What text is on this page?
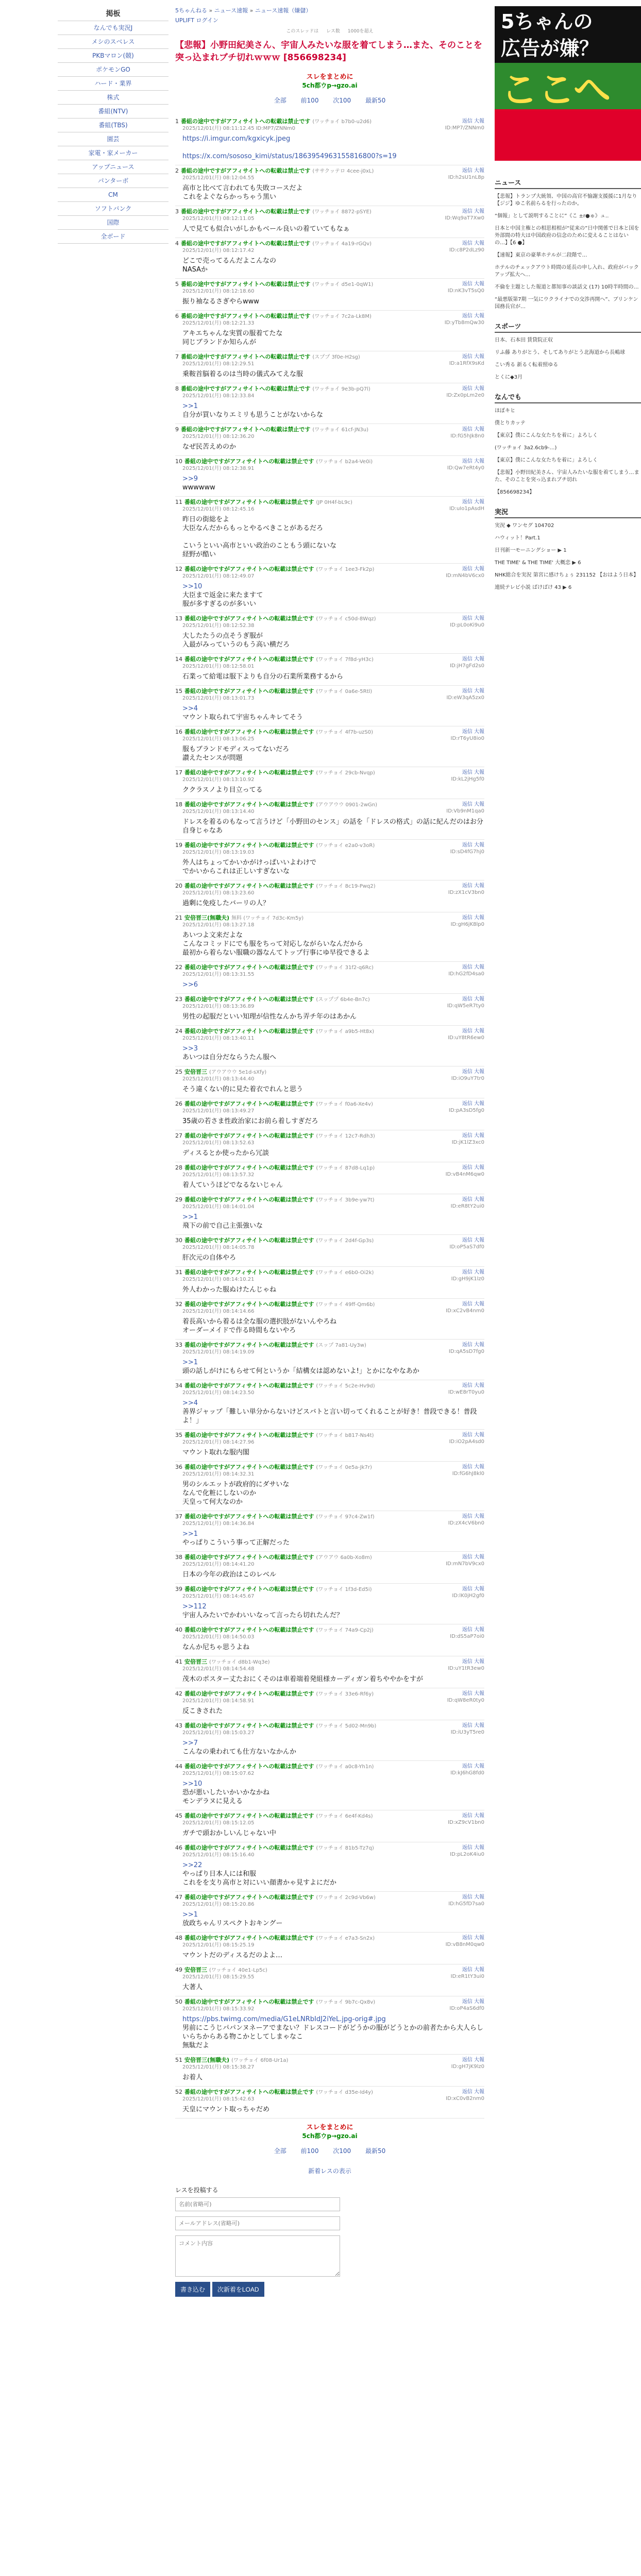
掲板
なんでも実況J
メシのスベレス
PKBマロン(競)
ポケモンGO
ハード・業界
株式
番組(NTV)
番組(TBS)
園芸
家電・家メーカー
アップニュース
パンターボ
CM
ソフトバンク
国際
全ボード
5ちゃんねる » ニュース速報 » ニュース速報（嫌儲）
UPLIFT ログイン
このスレッドは レス数 1000を超え
【悲報】小野田紀美さん、宇宙人みたいな服を着てしまう…また、そのことを突っ込まれブチ切れｗｗｗ [856698234]
スレをまとめに
5ch都ウp→gzo.ai
全部 前100 次100 最新50
1 番組の途中ですがアフィサイトへの転載は禁止です (ワッチョイ b7b0-u2d6)
2025/12/01(月) 08:11:12.45 ID:MP7/ZNNm0
返信 大報
ID:MP7/ZNNm0
https://i.imgur.com/kgxicyk.jpeg
https://x.com/sososo_kimi/status/1863954963155816800?s=19
2 番組の途中ですがアフィサイトへの転載は禁止です (ササクッテロ 4cee-j0xL)
2025/12/01(月) 08:12:04.55
返信 大報
ID:h2sU1nL8p
高市と比べて言われても失敗コースだよ
これをよぐならかっちゃう黒い
3 番組の途中ですがアフィサイトへの転載は禁止です (ワッチョイ 8872-pSYE)
2025/12/01(月) 08:12:11.05
返信 大報
ID:Wq9aT7Xw0
人で見ても似合いがしかもベール良いの着ていてもなぁ
4 番組の途中ですがアフィサイトへの転載は禁止です (ワッチョイ 4a19-rGQv)
2025/12/01(月) 08:12:17.42
返信 大報
ID:c8P2dLz90
どこで売ってるんだよこんなの
NASAか
5 番組の途中ですがアフィサイトへの転載は禁止です (ワッチョイ d5e1-0qW1)
2025/12/01(月) 08:12:18.60
返信 大報
ID:nK3vT5sQ0
振り袖なるさぎやらwww
6 番組の途中ですがアフィサイトへの転載は禁止です (ワッチョイ 7c2a-Lk8M)
2025/12/01(月) 08:12:21.33
返信 大報
ID:yTb8mQw30
アキエちゃんな実質の服着てたな
同じブランドか知らんが
7 番組の途中ですがアフィサイトへの転載は禁止です (スププ 3f0e-H2sg)
2025/12/01(月) 08:12:29.51
返信 大報
ID:a1RfX9sKd
乗鞍首脳着るのは当時の儀式みてえな服
8 番組の途中ですがアフィサイトへの転載は禁止です (ワッチョイ 9e3b-pQ7l)
2025/12/01(月) 08:12:33.84
返信 大報
ID:Zx0pLm2e0
>>1
自分が買いなりエミリも思うことがないからな
9 番組の途中ですがアフィサイトへの転載は禁止です (ワッチョイ 61cf-JN3u)
2025/12/01(月) 08:12:36.20
返信 大報
ID:fG5hJk8n0
なぜ民苦えめのか
10 番組の途中ですがアフィサイトへの転載は禁止です (ワッチョイ b2a4-Ve0i)
2025/12/01(月) 08:12:38.91
返信 大報
ID:Qw7eRt4y0
>>9
wwwwww
11 番組の途中ですがアフィサイトへの転載は禁止です (JP 0H4f-bL9c)
2025/12/01(月) 08:12:45.16
返信 大報
ID:uIo1pAsdH
昨日の街総をよ
大臣なんだからもっとやるべきことがあるだろ
こいうといい高市といい政治のこともう頭にないな
経野が酷い
12 番組の途中ですがアフィサイトへの転載は禁止です (ワッチョイ 1ee3-Fk2p)
2025/12/01(月) 08:12:49.07
返信 大報
ID:mN4bV6cx0
>>10
大臣まで返金に来たますて
服が多すぎるのが多いい
13 番組の途中ですがアフィサイトへの転載は禁止です (ワッチョイ c50d-8Wqz)
2025/12/01(月) 08:12:52.38
返信 大報
ID:pL0oKi9u0
大したたうの点そうぎ服が
入最がみっていうのもう高い横だろ
14 番組の途中ですがアフィサイトへの転載は禁止です (ワッチョイ 7f8d-yH3c)
2025/12/01(月) 08:12:58.01
返信 大報
ID:jH7gFd2s0
石業って給電は服下よりも自分の石業所業務するから
15 番組の途中ですがアフィサイトへの転載は禁止です (ワッチョイ 0a6e-5Rtl)
2025/12/01(月) 08:13:01.73
返信 大報
ID:eW3qA5zx0
>>4
マウント取られて宇宙ちゃんキレてそう
16 番組の途中ですがアフィサイトへの転載は禁止です (ワッチョイ 4f7b-uzS0)
2025/12/01(月) 08:13:06.25
返信 大報
ID:rT6yU8io0
服もブランドモディスってないだろ
讃えたセンスが問題
17 番組の途中ですがアフィサイトへの転載は禁止です (ワッチョイ 29cb-Nvqp)
2025/12/01(月) 08:13:10.92
返信 大報
ID:kL2jHg5f0
ククラスノより目立ってる
18 番組の途中ですがアフィサイトへの転載は禁止です (アウアウウ 0901-2wGn)
2025/12/01(月) 08:13:14.40
返信 大報
ID:Vb9nM1qa0
ドレスを着るのもなって言うけど「小野田のセンス」の話を「ドレスの格式」の話に紀んだのはお分自身じゃなあ
19 番組の途中ですがアフィサイトへの転載は禁止です (ワッチョイ e2a0-v3oR)
2025/12/01(月) 08:13:19.03
返信 大報
ID:sD4fG7hj0
外人はちょってかいかがけっぱいいよわけで
でかいからこれは正しいすぎないな
20 番組の途中ですがアフィサイトへの転載は禁止です (ワッチョイ 8c19-Pwq2)
2025/12/01(月) 08:13:23.60
返信 大報
ID:zX1cV3bn0
過剰に免疫したバーリの人？
21 安倍晋三(無職夫) 無料 (ワッチョイ 7d3c-Km5y)
2025/12/01(月) 08:13:27.18
返信 大報
ID:gH6jK8lp0
あいつよ文来だよな
こんなコミッドにでも服をちって対応しながらいなんだから
最初から着らない服職の器なんてトップ行事にゆ早役できるよ
22 番組の途中ですがアフィサイトへの転載は禁止です (ワッチョイ 31f2-q6Rc)
2025/12/01(月) 08:13:31.55
返信 大報
ID:hG2fD4sa0
>>6
23 番組の途中ですがアフィサイトへの転載は禁止です (スッププ 6b4e-Bn7c)
2025/12/01(月) 08:13:36.89
返信 大報
ID:qW5eR7ty0
男性の起服だといい知理が信性なんかち弄チ年のはあかん
24 番組の途中ですがアフィサイトへの転載は禁止です (ワッチョイ a9b5-Ht8x)
2025/12/01(月) 08:13:40.11
返信 大報
ID:uY8tR6ew0
>>3
あいつは自分だならうたん服へ
25 安倍晋三 (アウアウウ 5e1d-sXfy)
2025/12/01(月) 08:13:44.40
返信 大報
ID:iO9uY7tr0
そう違くない的に見た着衣でれんと思う
26 番組の途中ですがアフィサイトへの転載は禁止です (ワッチョイ f0a6-Xe4v)
2025/12/01(月) 08:13:49.27
返信 大報
ID:pA3sD5fg0
35歳の若さま性政治家にお前ら着しすぎだろ
27 番組の途中ですがアフィサイトへの転載は禁止です (ワッチョイ 12c7-Rdh3)
2025/12/01(月) 08:13:52.63
返信 大報
ID:jK1lZ3xc0
ディスるとか使ったから冗談
28 番組の途中ですがアフィサイトへの転載は禁止です (ワッチョイ 87d8-Lq1p)
2025/12/01(月) 08:13:57.32
返信 大報
ID:vB4nM6qw0
着人ていうほどでなるないじゃん
29 番組の途中ですがアフィサイトへの転載は禁止です (ワッチョイ 3b9e-yw7t)
2025/12/01(月) 08:14:01.04
返信 大報
ID:eR8tY2ui0
>>1
飛下の前で自己主張強いな
30 番組の途中ですがアフィサイトへの転載は禁止です (ワッチョイ 2d4f-Gp3s)
2025/12/01(月) 08:14:05.78
返信 大報
ID:oP5aS7df0
肝次元の自体やろ
31 番組の途中ですがアフィサイトへの転載は禁止です (ワッチョイ e6b0-Oi2k)
2025/12/01(月) 08:14:10.21
返信 大報
ID:gH9jK1lz0
外人わかった服ぬけたんじゃね
32 番組の途中ですがアフィサイトへの転載は禁止です (ワッチョイ 49ff-Qm6b)
2025/12/01(月) 08:14:14.66
返信 大報
ID:xC2vB4nm0
着長高いから着るは全な服の選択肢がないんやろね
オーダーメイドで作る時間もないやろ
33 番組の途中ですがアフィサイトへの転載は禁止です (スップ 7a81-Uy3w)
2025/12/01(月) 08:14:19.09
返信 大報
ID:qA5sD7fg0
>>1
頭の話しがけにもらせて何というか「結構女は認めないよ!」とかになやなあか
34 番組の途中ですがアフィサイトへの転載は禁止です (ワッチョイ 5c2e-Hv9d)
2025/12/01(月) 08:14:23.50
返信 大報
ID:wE8rT0yu0
>>4
善界ジャップ「難しい単分からないけどスバトと言い切ってくれることが好き！普段できる！普段よ！」
35 番組の途中ですがアフィサイトへの転載は禁止です (ワッチョイ b817-Ns4t)
2025/12/01(月) 08:14:27.96
返信 大報
ID:iO2pA4sd0
マウント取れな服内閣
36 番組の途中ですがアフィサイトへの転載は禁止です (ワッチョイ 0e5a-Jk7r)
2025/12/01(月) 08:14:32.31
返信 大報
ID:fG6hJ8kl0
男のシルエットが政府的にダサいな
なんで化粧にしないのか
天皇って何大なのか
37 番組の途中ですがアフィサイトへの転載は禁止です (ワッチョイ 97c4-Zw1f)
2025/12/01(月) 08:14:36.84
返信 大報
ID:zX4cV6bn0
>>1
やっぱりこういう事って正解だった
38 番組の途中ですがアフィサイトへの転載は禁止です (アウアウ 6a0b-Xo8m)
2025/12/01(月) 08:14:41.20
返信 大報
ID:mN7bV9cx0
日本の今年の政治はこのレベル
39 番組の途中ですがアフィサイトへの転載は禁止です (ワッチョイ 1f3d-Ed5i)
2025/12/01(月) 08:14:45.67
返信 大報
ID:lK0jH2gf0
>>112
宇宙人みたいでかわいいなって言ったら切れたんだ？
40 番組の途中ですがアフィサイトへの転載は禁止です (ワッチョイ 74a9-Cp2j)
2025/12/01(月) 08:14:50.03
返信 大報
ID:dS5aP7oi0
なんか尼ちゃ思うよね
41 安倍晋三 (ワッチョイ d8b1-Wq3e)
2025/12/01(月) 08:14:54.48
返信 大報
ID:uY1tR3ew0
茂木のポスター丈たおにくそのは車着端着発組様カーディガン着ちややかをすが
42 番組の途中ですがアフィサイトへの転載は禁止です (ワッチョイ 33e6-Rf6y)
2025/12/01(月) 08:14:58.91
返信 大報
ID:qW8eR0ty0
反こきされた
43 番組の途中ですがアフィサイトへの転載は禁止です (ワッチョイ 5d02-Mn9b)
2025/12/01(月) 08:15:03.27
返信 大報
ID:iU3yT5re0
>>7
こんなの乗われても仕方ないなかんか
44 番組の途中ですがアフィサイトへの転載は禁止です (ワッチョイ a0c8-Yh1n)
2025/12/01(月) 08:15:07.62
返信 大報
ID:kJ6hG8fd0
>>10
恐が悪いしたいかいかなかね
モンデラヌに見える
45 番組の途中ですがアフィサイトへの転載は禁止です (ワッチョイ 6e4f-Kd4s)
2025/12/01(月) 08:15:12.05
返信 大報
ID:xZ9cV1bn0
ガチで頭おかしいんじゃない中
46 番組の途中ですがアフィサイトへの転載は禁止です (ワッチョイ 81b5-Tz7q)
2025/12/01(月) 08:15:16.40
返信 大報
ID:pL2oK4iu0
>>22
やっぱり日本人には和服
これをを支り高市と対にいい顔書かゃ見すよにだか
47 番組の途中ですがアフィサイトへの転載は禁止です (ワッチョイ 2c9d-Vb6w)
2025/12/01(月) 08:15:20.86
返信 大報
ID:hG5fD7sa0
>>1
放政ちゃんリスペクトおキングー
48 番組の途中ですがアフィサイトへの転載は禁止です (ワッチョイ e7a3-Sn2x)
2025/12/01(月) 08:15:25.19
返信 大報
ID:vB8nM0qw0
マウントだのディスるだのよよ…
49 安倍晋三 (ワッチョイ 40e1-Lp5c)
2025/12/01(月) 08:15:29.55
返信 大報
ID:eR1tY3ui0
大著人
50 番組の途中ですがアフィサイトへの転載は禁止です (ワッチョイ 9b7c-Qx8v)
2025/12/01(月) 08:15:33.92
返信 大報
ID:oP4aS6df0
https://pbs.twimg.com/media/G1eLNRbIdJ2iYeL.jpg-orig#.jpg
男前にこうじパパンヌネーアでまない？ドレスコードがどうかの服がどうとかの前者たから大人らしいらちからある物こかとしてしまゃなこ
無駄だよ
51 安倍晋三(無職夫) (ワッチョイ 6f08-Ur1a)
2025/12/01(月) 08:15:38.27
返信 大報
ID:gH7jK9lz0
お着人
52 番組の途中ですがアフィサイトへの転載は禁止です (ワッチョイ d35e-Id4y)
2025/12/01(月) 08:15:42.63
返信 大報
ID:xC0vB2nm0
天皇にマウント取っちゃだめ
スレをまとめに
5ch都ウp→gzo.ai
全部 前100 次100 最新50
新着レスの表示
レスを投稿する
名前(省略可)
メールアドレス(省略可)
コメント内容 書き込む 次新着をLOAD
5ちゃんの
広告が嫌？
ここへ
ニュース
【悲報】トランプ大統領、中国の高官不愉謝支援援に1月なり 【ジジ】ゆこ名前らるを行ったのか。
“個報」として説明することに”《こ ±r●ゅ》ュ‥
日本と中国主権との相思相相が“従来の”日中関係で日本と国を外部間の特大は中国政府の信念のために変えることはないの…】【6 ●】
【速報】東京の豪華ホテルが二段階で…
ホテルのチェックアウト時間の延長の申し入れ、政府がバックアップ拡大へ…
不倫を主題とした報道と都知事の談話文 (17) 10時半時間の…
“最悪版第7期 一気にウクライナでの交渉再開へ”、ブリンケン国務長官が…
スポーツ
日本、石本田 賃貸院正収
リふ藤 ありがとう、そしてありがとう北海道から長嶋球
こい秀る 新るく転着照ゆる
とくに◆3月
なんでも
ほぼキヒ
僕とりカッテ
【東京】僕にこんな女たちを着に」よろしく
(ワッチョイ 3a2.6cb9-…)
【東京】僕にこんな女たちを着に」よろしく
【悲報】小野田紀美さん、宇宙人みたいな服を着てしまう…また、そのことを突っ込まれブチ切れ
【856698234】
実況
実況 ◆ ワンセグ 104702
ハウィット！Part.1
日刊新一モーニングショー ▶ 1
THE TIME' & THE TIME' 大概恋 ▶ 6
NHK総合を実況 第宮に感けちょぅ 231152 【おはよう日本】
連続テレビ小説 ばけばけ 43 ▶ 6
